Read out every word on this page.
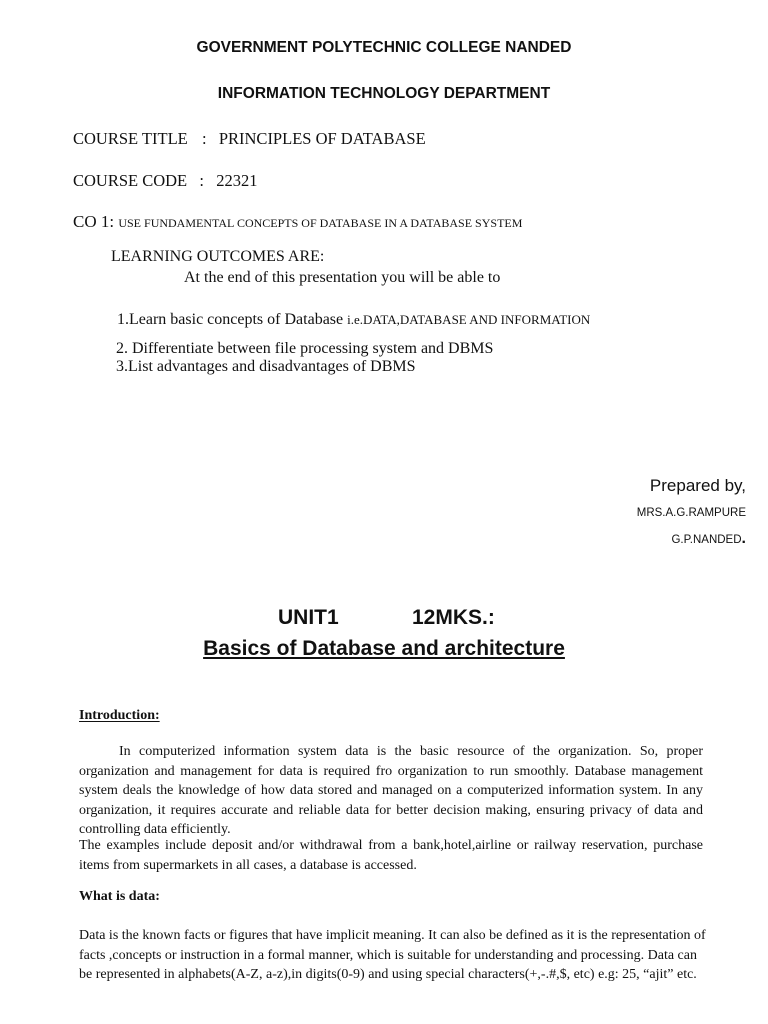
GOVERNMENT POLYTECHNIC COLLEGE NANDED
INFORMATION TECHNOLOGY DEPARTMENT
COURSE TITLE : PRINCIPLES OF DATABASE
COURSE CODE : 22321
CO 1: USE FUNDAMENTAL CONCEPTS OF DATABASE IN A DATABASE SYSTEM
LEARNING OUTCOMES ARE:
At the end of this presentation you will be able to
1.Learn basic concepts of Database i.e.DATA,DATABASE AND INFORMATION
2. Differentiate between file processing system and DBMS
3.List advantages and disadvantages of DBMS
Prepared by,
MRS.A.G.RAMPURE
G.P.NANDED.
UNIT1	12MKS.:
Basics of Database and architecture
Introduction:
In computerized information system data is the basic resource of the organization. So, proper organization and management for data is required fro organization to run smoothly. Database management system deals the knowledge of how data stored and managed on a computerized information system. In any organization, it requires accurate and reliable data for better decision making, ensuring privacy of data and controlling data efficiently.
The examples include deposit and/or withdrawal from a bank,hotel,airline or railway reservation, purchase items from supermarkets in all cases, a database is accessed.
What is data:
Data is the known facts or figures that have implicit meaning. It can also be defined as it is the representation of facts ,concepts or instruction in a formal manner, which is suitable for understanding and processing. Data can be represented in alphabets(A-Z, a-z),in digits(0-9) and using special characters(+,-.#,$, etc) e.g: 25, “ajit” etc.
